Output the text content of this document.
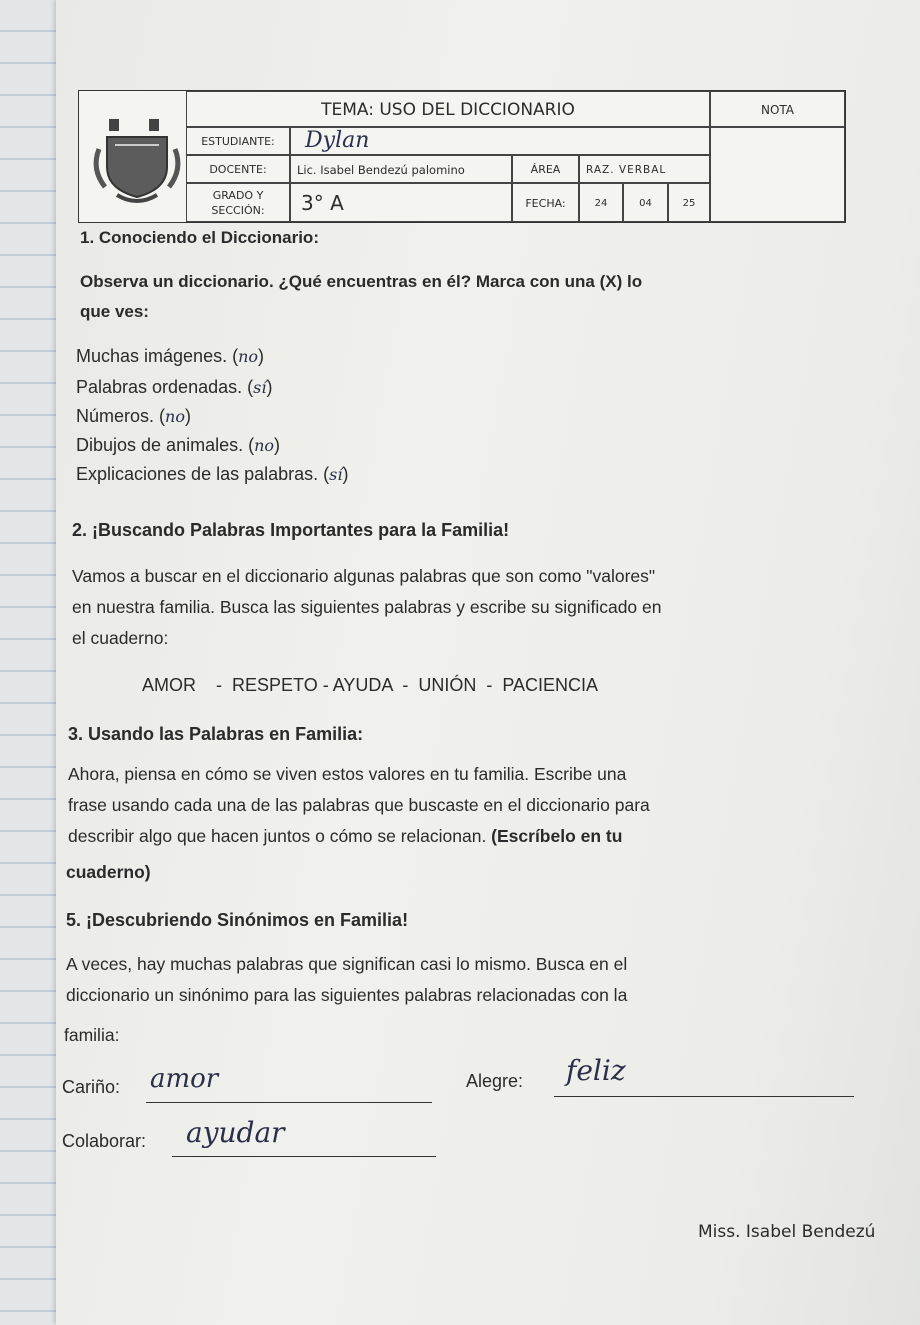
TEMA: USO DEL DICCIONARIO	NOTA
ESTUDIANTE:	Dylan
DOCENTE:	Lic. Isabel Bendezú palomino	ÁREA	RAZ. VERBAL
GRADO Y
SECCIÓN:	3° A	FECHA:	24	04	25
1. Conociendo el Diccionario:
Observa un diccionario. ¿Qué encuentras en él? Marca con una (X) lo
que ves:
Muchas imágenes. (no)
Palabras ordenadas. (sí)
Números. (no)
Dibujos de animales. (no)
Explicaciones de las palabras. (sí)
2. ¡Buscando Palabras Importantes para la Familia!
Vamos a buscar en el diccionario algunas palabras que son como "valores"
en nuestra familia. Busca las siguientes palabras y escribe su significado en
el cuaderno:
AMOR    -  RESPETO - AYUDA  -  UNIÓN  -  PACIENCIA
3. Usando las Palabras en Familia:
Ahora, piensa en cómo se viven estos valores en tu familia. Escribe una
frase usando cada una de las palabras que buscaste en el diccionario para
describir algo que hacen juntos o cómo se relacionan. (Escríbelo en tu
cuaderno)
5. ¡Descubriendo Sinónimos en Familia!
A veces, hay muchas palabras que significan casi lo mismo. Busca en el
diccionario un sinónimo para las siguientes palabras relacionadas con la
familia:
Cariño: amor	Alegre: feliz
Colaborar: ayudar
Miss. Isabel Bendezú
